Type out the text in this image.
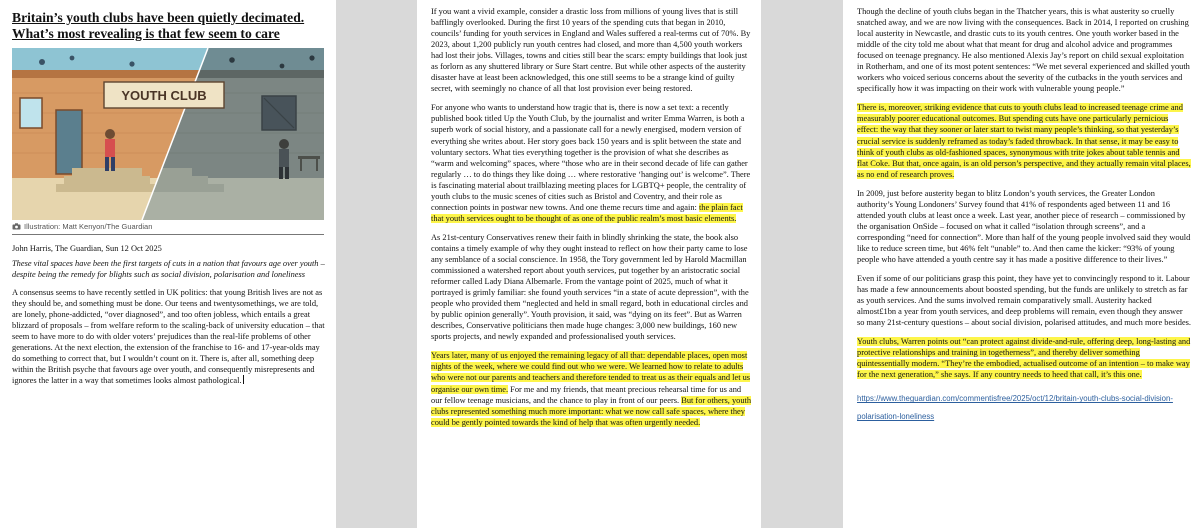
Britain’s youth clubs have been quietly decimated.
What’s most revealing is that few seem to care
YOUTH CLUB
Illustration: Matt Kenyon/The Guardian
John Harris, The Guardian, Sun 12 Oct 2025
These vital spaces have been the first targets of cuts in a nation that favours age over youth – despite being the remedy for blights such as social division, polarisation and loneliness

A consensus seems to have recently settled in UK politics: that young British lives are not as they should be, and something must be done. Our teens and twentysomethings, we are told, are lonely, phone-addicted, “over diagnosed”, and too often jobless, which entails a great blizzard of proposals – from welfare reform to the scaling-back of university education – that seem to have more to do with older voters’ prejudices than the real-life problems of other generations. At the next election, the extension of the franchise to 16- and 17-year-olds may do something to correct that, but I wouldn’t count on it. There is, after all, something deep within the British psyche that favours age over youth, and consequently misrepresents and ignores the latter in a way that sometimes looks almost pathological.

If you want a vivid example, consider a drastic loss from millions of young lives that is still bafflingly overlooked. During the first 10 years of the spending cuts that began in 2010, councils’ funding for youth services in England and Wales suffered a real-terms cut of 70%. By 2023, about 1,200 publicly run youth centres had closed, and more than 4,500 youth workers had lost their jobs. Villages, towns and cities still bear the scars: empty buildings that look just as forlorn as any shuttered library or Sure Start centre. But while other aspects of the austerity disaster have at least been acknowledged, this one still seems to be a strange kind of guilty secret, with seemingly no chance of all that lost provision ever being restored.

For anyone who wants to understand how tragic that is, there is now a set text: a recently published book titled Up the Youth Club, by the journalist and writer Emma Warren, is both a superb work of social history, and a passionate call for a newly energised, modern version of everything she writes about. Her story goes back 150 years and is split between the state and voluntary sectors. What ties everything together is the provision of what she describes as “warm and welcoming” spaces, where “those who are in their second decade of life can gather regularly … to do things they like doing … where restorative ‘hanging out’ is welcome”. There is fascinating material about trailblazing meeting places for LGBTQ+ people, the centrality of youth clubs to the music scenes of cities such as Bristol and Coventry, and their role as connection points in postwar new towns. And one theme recurs time and again: the plain fact that youth services ought to be thought of as one of the public realm’s most basic elements.

As 21st-century Conservatives renew their faith in blindly shrinking the state, the book also contains a timely example of why they ought instead to reflect on how their party came to lose any semblance of a social conscience. In 1958, the Tory government led by Harold Macmillan commissioned a watershed report about youth services, put together by an aristocratic social reformer called Lady Diana Albemarle. From the vantage point of 2025, much of what it portrayed is grimly familiar: she found youth services “in a state of acute depression”, with the people who provided them “neglected and held in small regard, both in educational circles and by public opinion generally”. Youth provision, it said, was “dying on its feet”. But as Warren describes, Conservative politicians then made huge changes: 3,000 new buildings, 160 new sports projects, and newly expanded and professionalised youth services.

Years later, many of us enjoyed the remaining legacy of all that: dependable places, open most nights of the week, where we could find out who we were. We learned how to relate to adults who were not our parents and teachers and therefore tended to treat us as their equals and let us organise our own time. For me and my friends, that meant precious rehearsal time for us and our fellow teenage musicians, and the chance to play in front of our peers. But for others, youth clubs represented something much more important: what we now call safe spaces, where they could be gently pointed towards the kind of help that was often urgently needed.

Though the decline of youth clubs began in the Thatcher years, this is what austerity so cruelly snatched away, and we are now living with the consequences. Back in 2014, I reported on crushing local austerity in Newcastle, and drastic cuts to its youth centres. One youth worker based in the middle of the city told me about what that meant for drug and alcohol advice and programmes focused on teenage pregnancy. He also mentioned Alexis Jay’s report on child sexual exploitation in Rotherham, and one of its most potent sentences: “We met several experienced and skilled youth workers who voiced serious concerns about the severity of the cutbacks in the youth services and specifically how it was impacting on their work with vulnerable young people.”

There is, moreover, striking evidence that cuts to youth clubs lead to increased teenage crime and measurably poorer educational outcomes. But spending cuts have one particularly pernicious effect: the way that they sooner or later start to twist many people’s thinking, so that yesterday’s crucial service is suddenly reframed as today’s faded throwback. In that sense, it may be easy to think of youth clubs as old-fashioned spaces, synonymous with trite jokes about table tennis and flat Coke. But that, once again, is an old person’s perspective, and they actually remain vital places, as no end of research proves.

In 2009, just before austerity began to blitz London’s youth services, the Greater London authority’s Young Londoners’ Survey found that 41% of respondents aged between 11 and 16 attended youth clubs at least once a week. Last year, another piece of research – commissioned by the organisation OnSide – focused on what it called “isolation through screens”, and a corresponding “need for connection”. More than half of the young people involved said they would like to reduce screen time, but 46% felt “unable” to. And then came the kicker: “93% of young people who have attended a youth centre say it has made a positive difference to their lives.”

Even if some of our politicians grasp this point, they have yet to convincingly respond to it. Labour has made a few announcements about boosted spending, but the funds are unlikely to stretch as far as youth services. And the sums involved remain comparatively small. Austerity hacked almost£1bn a year from youth services, and deep problems will remain, even though they answer so many 21st-century questions – about social division, polarised attitudes, and much more besides.

Youth clubs, Warren points out “can protect against divide-and-rule, offering deep, long-lasting and protective relationships and training in togetherness”, and thereby deliver something quintessentially modern. “They’re the embodied, actualised outcome of an intention – to make way for the next generation,” she says. If any country needs to heed that call, it’s this one.

https://www.theguardian.com/commentisfree/2025/oct/12/britain-youth-clubs-social-division-polarisation-loneliness
